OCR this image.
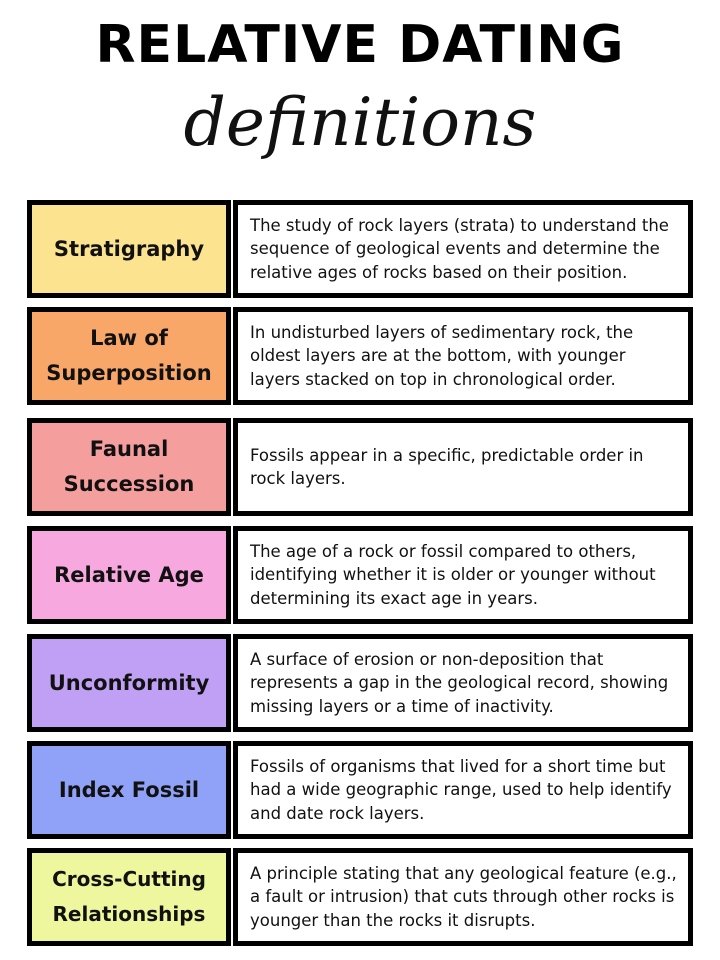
RELATIVE DATING
definitions
Stratigraphy
The study of rock layers (strata) to understand the sequence of geological events and determine the relative ages of rocks based on their position.
Law of Superposition
In undisturbed layers of sedimentary rock, the oldest layers are at the bottom, with younger layers stacked on top in chronological order.
Faunal Succession
Fossils appear in a specific, predictable order in rock layers.
Relative Age
The age of a rock or fossil compared to others, identifying whether it is older or younger without determining its exact age in years.
Unconformity
A surface of erosion or non-deposition that represents a gap in the geological record, showing missing layers or a time of inactivity.
Index Fossil
Fossils of organisms that lived for a short time but had a wide geographic range, used to help identify and date rock layers.
Cross-Cutting Relationships
A principle stating that any geological feature (e.g., a fault or intrusion) that cuts through other rocks is younger than the rocks it disrupts.
